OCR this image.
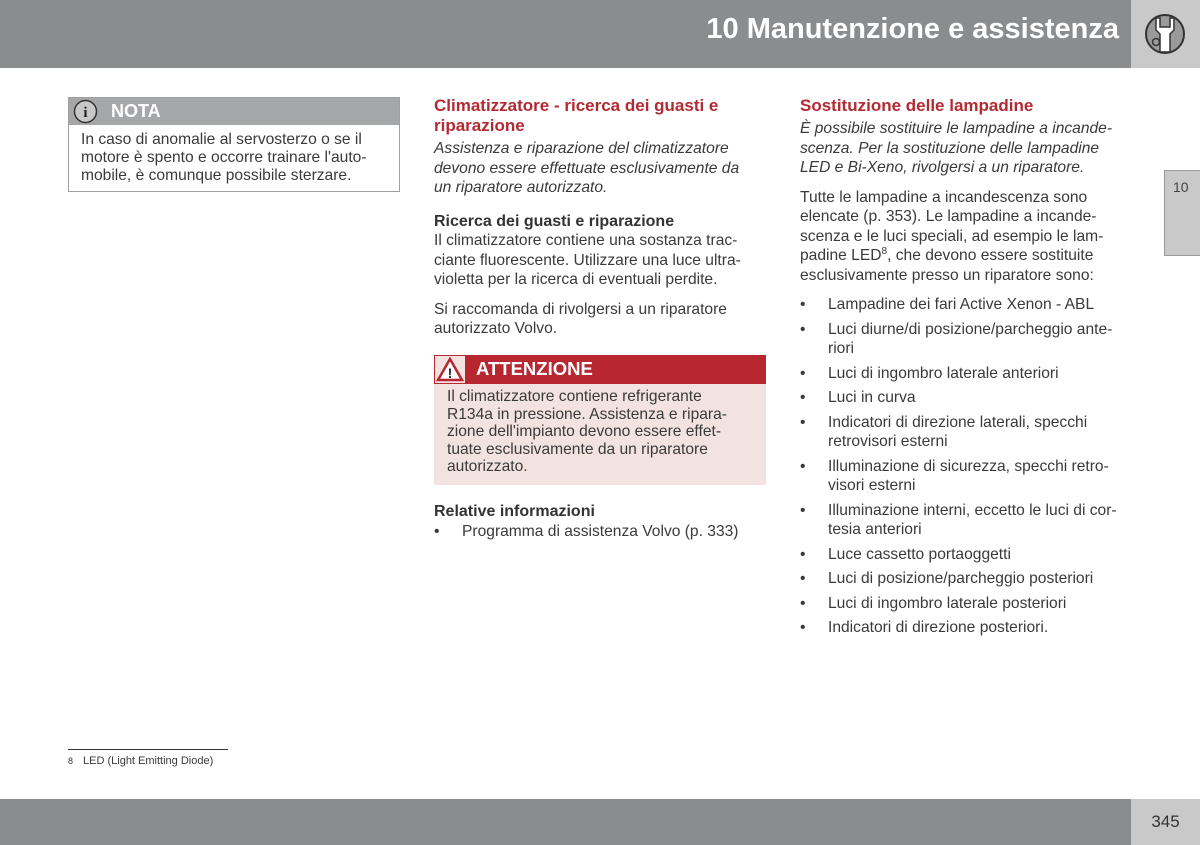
10 Manutenzione e assistenza
10
i NOTA
In caso di anomalie al servosterzo o se il
motore è spento e occorre trainare l'auto-
mobile, è comunque possibile sterzare.
Climatizzatore - ricerca dei guasti e
riparazione
Assistenza e riparazione del climatizzatore
devono essere effettuate esclusivamente da
un riparatore autorizzato.
Ricerca dei guasti e riparazione
Il climatizzatore contiene una sostanza trac-
ciante fluorescente. Utilizzare una luce ultra-
violetta per la ricerca di eventuali perdite.
Si raccomanda di rivolgersi a un riparatore
autorizzato Volvo.
! ATTENZIONE
Il climatizzatore contiene refrigerante
R134a in pressione. Assistenza e ripara-
zione dell'impianto devono essere effet-
tuate esclusivamente da un riparatore
autorizzato.
Relative informazioni
• Programma di assistenza Volvo (p. 333)
Sostituzione delle lampadine
È possibile sostituire le lampadine a incande-
scenza. Per la sostituzione delle lampadine
LED e Bi-Xeno, rivolgersi a un riparatore.
Tutte le lampadine a incandescenza sono
elencate (p. 353). Le lampadine a incande-
scenza e le luci speciali, ad esempio le lam-
padine LED$^8$, che devono essere sostituite
esclusivamente presso un riparatore sono:
• Lampadine dei fari Active Xenon - ABL
• Luci diurne/di posizione/parcheggio ante-
riori
• Luci di ingombro laterale anteriori
• Luci in curva
• Indicatori di direzione laterali, specchi
retrovisori esterni
• Illuminazione di sicurezza, specchi retro-
visori esterni
• Illuminazione interni, eccetto le luci di cor-
tesia anteriori
• Luce cassetto portaoggetti
• Luci di posizione/parcheggio posteriori
• Luci di ingombro laterale posteriori
• Indicatori di direzione posteriori.
8 LED (Light Emitting Diode)
345
